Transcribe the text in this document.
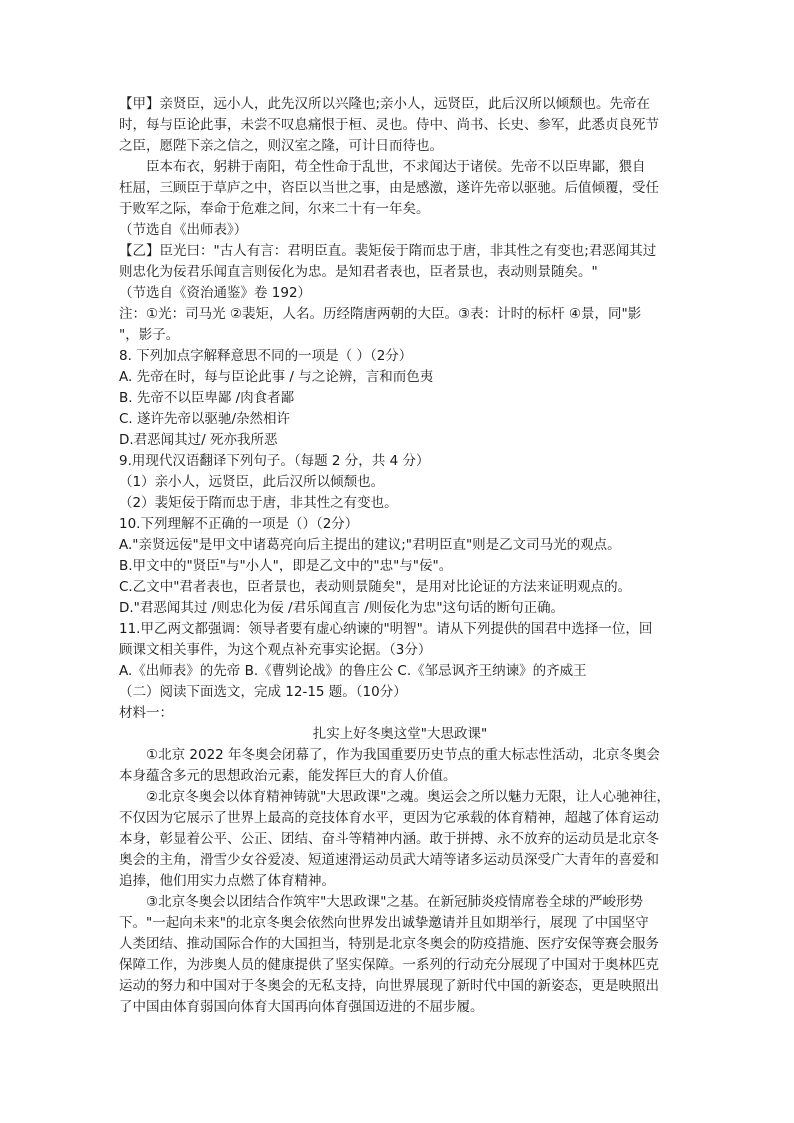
【甲】亲贤臣，远小人，此先汉所以兴隆也;亲小人，远贤臣，此后汉所以倾颓也。先帝在
时，每与臣论此事，未尝不叹息痛恨于桓、灵也。侍中、尚书、长史、参军，此悉贞良死节
之臣，愿陛下亲之信之，则汉室之隆，可计日而待也。
臣本布衣，躬耕于南阳，苟全性命于乱世，不求闻达于诸侯。先帝不以臣卑鄙，猥自
枉屈，三顾臣于草庐之中，咨臣以当世之事，由是感激，遂许先帝以驱驰。后值倾覆，受任
于败军之际，奉命于危难之间，尔来二十有一年矣。
（节选自《出师表》）
【乙】臣光曰："古人有言：君明臣直。裴矩佞于隋而忠于唐，非其性之有变也;君恶闻其过
则忠化为佞君乐闻直言则佞化为忠。是知君者表也，臣者景也，表动则景随矣。"
（节选自《资治通鉴》卷 192）
注：①光：司马光 ②裴矩，人名。历经隋唐两朝的大臣。③表：计时的标杆 ④景，同"影
"，影子。
8. 下列加点字解释意思不同的一项是（ ）（2分）
A. 先帝在时，每与臣论此事 / 与之论辨，言和而色夷
B. 先帝不以臣卑鄙 /肉食者鄙
C. 遂许先帝以驱驰/杂然相许
D.君恶闻其过/ 死亦我所恶
9.用现代汉语翻译下列句子。（每题 2 分，共 4 分）
（1）亲小人，远贤臣，此后汉所以倾颓也。
（2）裴矩佞于隋而忠于唐，非其性之有变也。
10.下列理解不正确的一项是（）（2分）
A."亲贤远佞"是甲文中诸葛亮向后主提出的建议;"君明臣直"则是乙文司马光的观点。
B.甲文中的"贤臣"与"小人"，即是乙文中的"忠"与"佞"。
C.乙文中"君者表也，臣者景也，表动则景随矣"，是用对比论证的方法来证明观点的。
D."君恶闻其过 /则忠化为佞 /君乐闻直言 /则佞化为忠"这句话的断句正确。
11.甲乙两文都强调：领导者要有虚心纳谏的"明智"。请从下列提供的国君中选择一位，回
顾课文相关事件，为这个观点补充事实论据。（3分）
A.《出师表》的先帝 B.《曹刿论战》的鲁庄公 C.《邹忌讽齐王纳谏》的齐威王
（二）阅读下面选文，完成 12-15 题。（10分）
材料一：
扎实上好冬奥这堂"大思政课"
①北京 2022 年冬奥会闭幕了，作为我国重要历史节点的重大标志性活动，北京冬奥会
本身蕴含多元的思想政治元素，能发挥巨大的育人价值。
②北京冬奥会以体育精神铸就"大思政课"之魂。奥运会之所以魅力无限，让人心驰神往，
不仅因为它展示了世界上最高的竞技体育水平，更因为它承载的体育精神，超越了体育运动
本身，彰显着公平、公正、团结、奋斗等精神内涵。敢于拼搏、永不放弃的运动员是北京冬
奥会的主角，滑雪少女谷爱凌、短道速滑运动员武大靖等诸多运动员深受广大青年的喜爱和
追捧，他们用实力点燃了体育精神。
③北京冬奥会以团结合作筑牢"大思政课"之基。在新冠肺炎疫情席卷全球的严峻形势
下。"一起向未来"的北京冬奥会依然向世界发出诚挚邀请并且如期举行，展现 了中国坚守
人类团结、推动国际合作的大国担当，特别是北京冬奥会的防疫措施、医疗安保等赛会服务
保障工作，为涉奥人员的健康提供了坚实保障。一系列的行动充分展现了中国对于奥林匹克
运动的努力和中国对于冬奥会的无私支持，向世界展现了新时代中国的新姿态，更是映照出
了中国由体育弱国向体育大国再向体育强国迈进的不屈步履。
